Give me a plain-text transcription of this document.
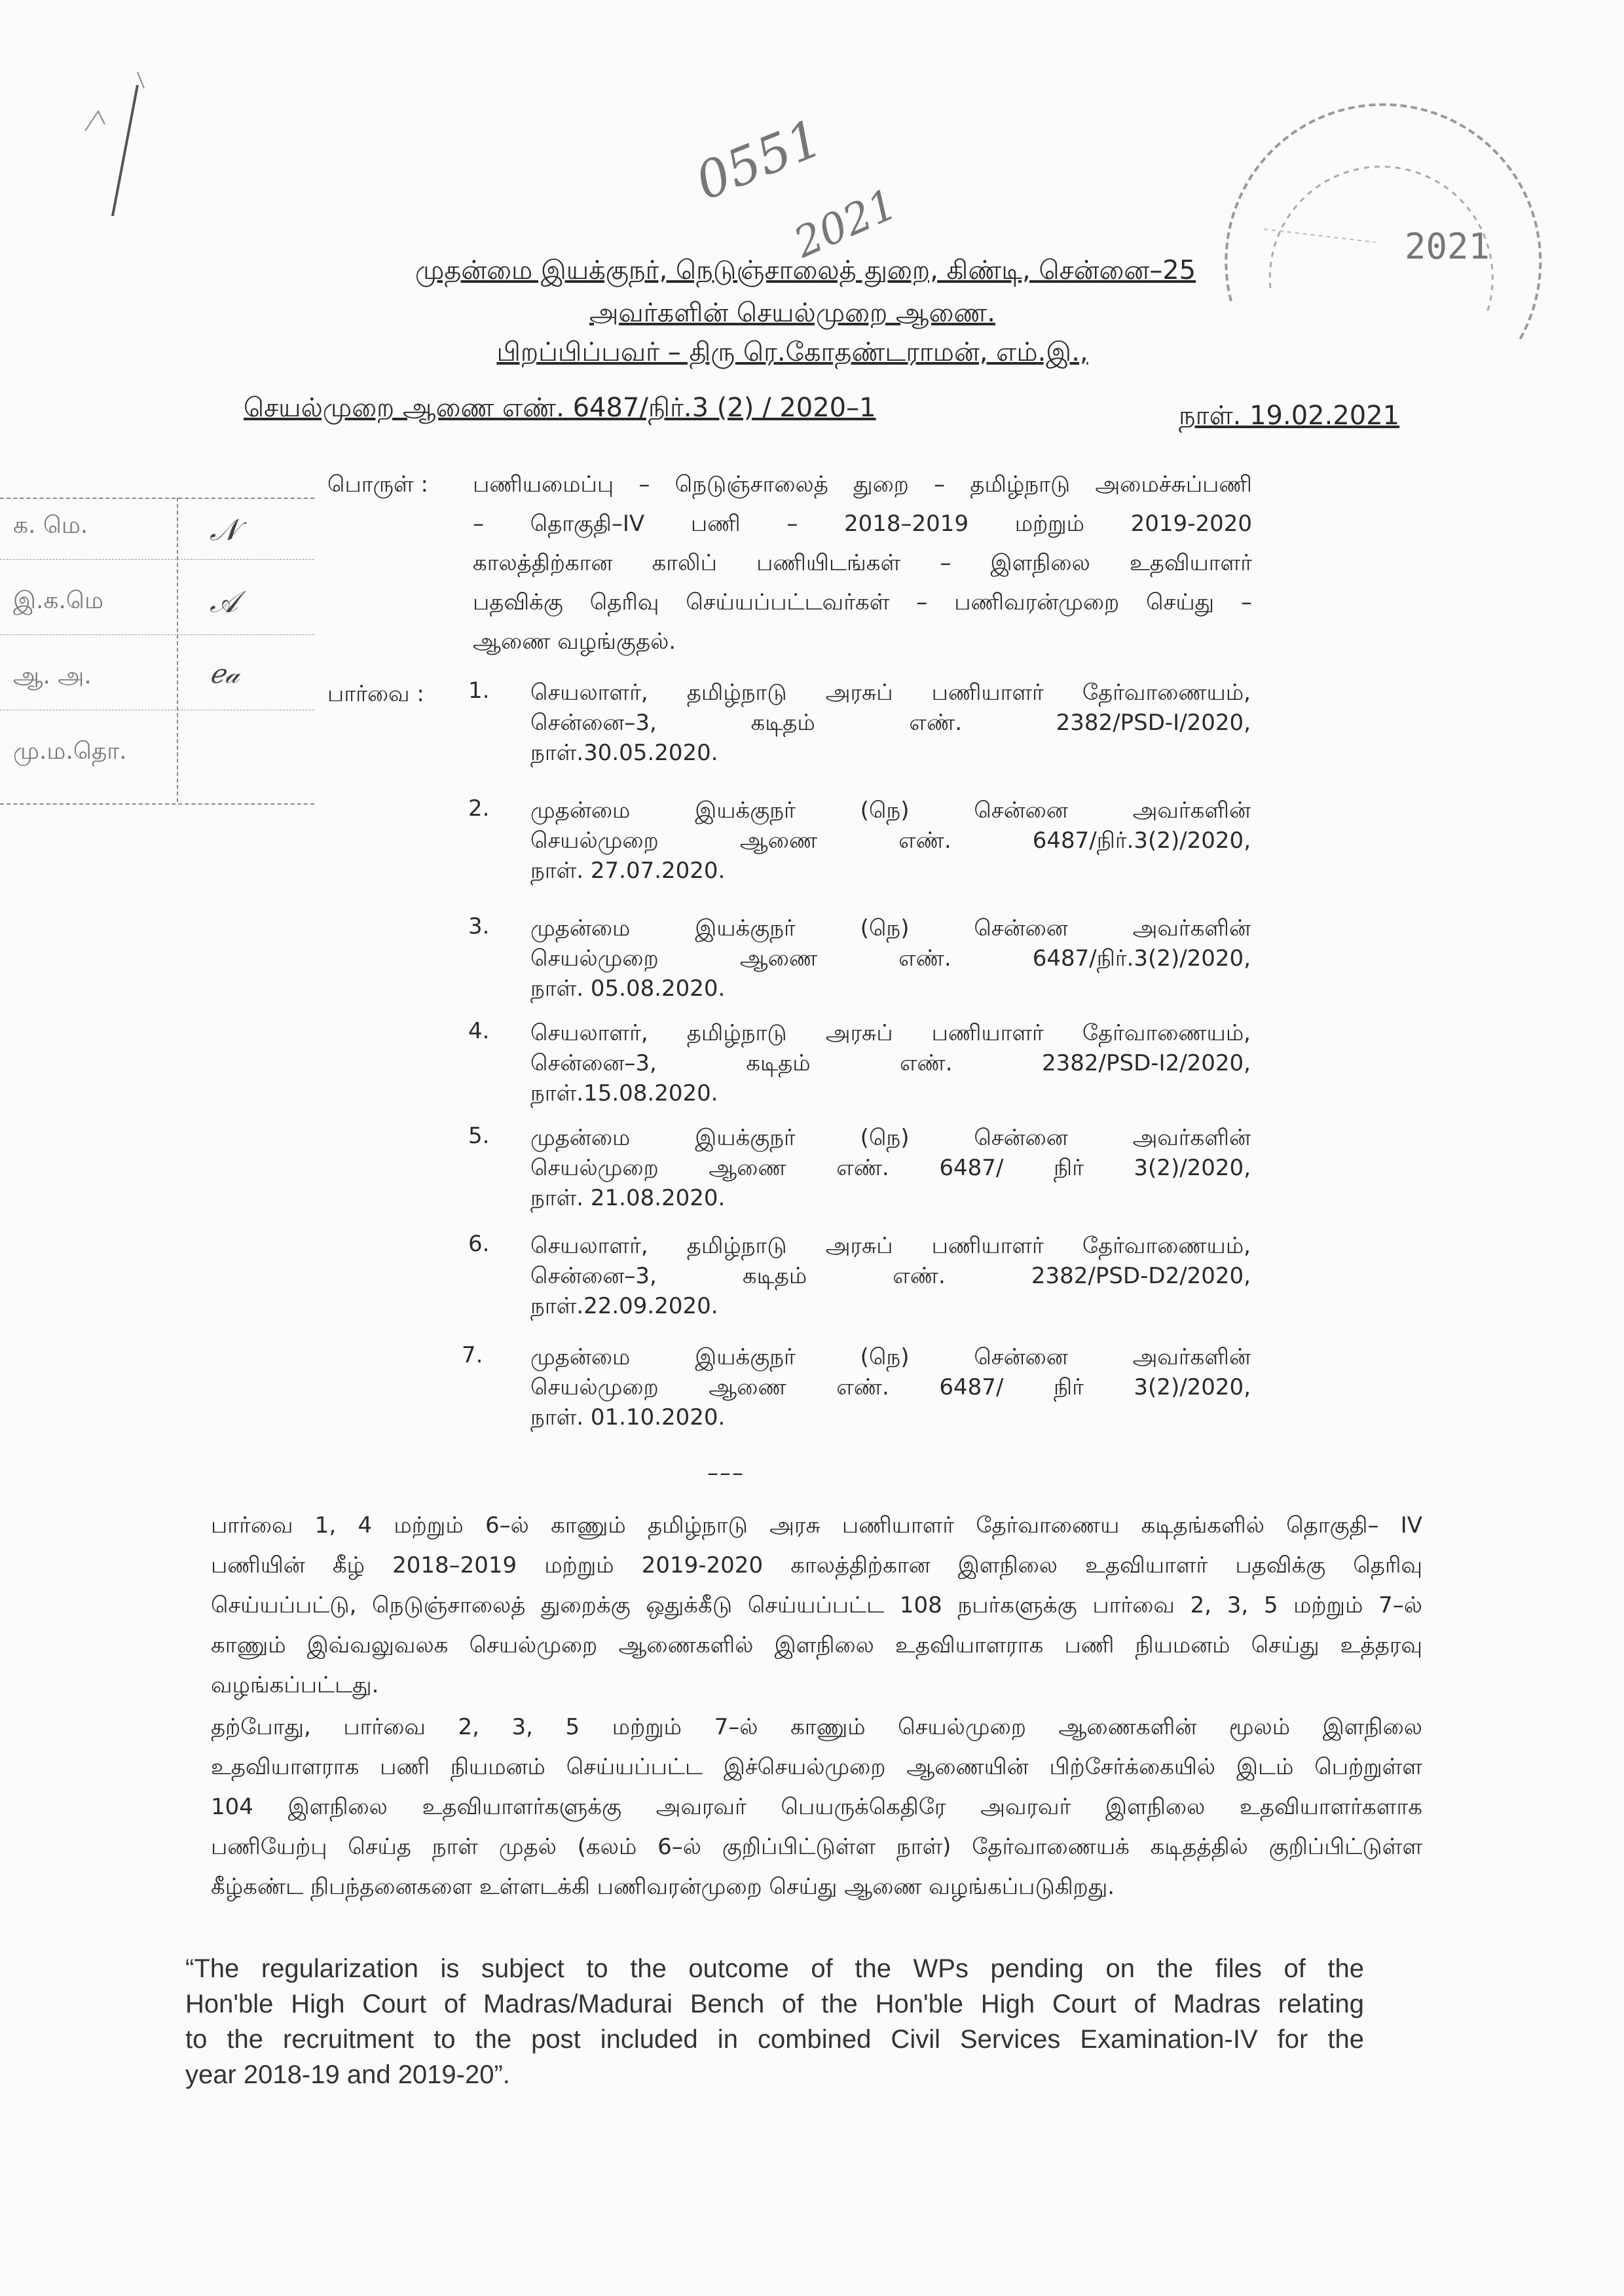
0551
2021	2021
முதன்மை இயக்குநர், நெடுஞ்சாலைத் துறை, கிண்டி, சென்னை–25
அவர்களின் செயல்முறை ஆணை.
பிறப்பிப்பவர் – திரு ரெ.கோதண்டராமன், எம்.இ.,
செயல்முறை ஆணை எண். 6487/நிர்.3 (2) / 2020–1	நாள். 19.02.2021
க. மெ.
இ.க.மெ
ஆ. அ.
மு.ம.தொ.
𝒩
𝒜
ℯ𝒶
பொருள் : பணியமைப்பு – நெடுஞ்சாலைத் துறை – தமிழ்நாடு அமைச்சுப்பணி
– தொகுதி–IV பணி – 2018–2019 மற்றும் 2019-2020
காலத்திற்கான காலிப் பணியிடங்கள் – இளநிலை உதவியாளர்
பதவிக்கு தெரிவு செய்யப்பட்டவர்கள் – பணிவரன்முறை செய்து –
ஆணை வழங்குதல்.
பார்வை : 1. செயலாளர், தமிழ்நாடு அரசுப் பணியாளர் தேர்வாணையம்,
சென்னை–3, கடிதம் எண். 2382/PSD-I/2020,
நாள்.30.05.2020.
2. முதன்மை இயக்குநர் (நெ) சென்னை அவர்களின்
செயல்முறை ஆணை எண். 6487/நிர்.3(2)/2020,
நாள். 27.07.2020.
3. முதன்மை இயக்குநர் (நெ) சென்னை அவர்களின்
செயல்முறை ஆணை எண். 6487/நிர்.3(2)/2020,
நாள். 05.08.2020.
4. செயலாளர், தமிழ்நாடு அரசுப் பணியாளர் தேர்வாணையம்,
சென்னை–3, கடிதம் எண். 2382/PSD-I2/2020,
நாள்.15.08.2020.
5. முதன்மை இயக்குநர் (நெ) சென்னை அவர்களின்
செயல்முறை ஆணை எண். 6487/ நிர் 3(2)/2020,
நாள். 21.08.2020.
6. செயலாளர், தமிழ்நாடு அரசுப் பணியாளர் தேர்வாணையம்,
சென்னை–3, கடிதம் எண். 2382/PSD-D2/2020,
நாள்.22.09.2020.
7. முதன்மை இயக்குநர் (நெ) சென்னை அவர்களின்
செயல்முறை ஆணை எண். 6487/ நிர் 3(2)/2020,
நாள். 01.10.2020.
–––
பார்வை 1, 4 மற்றும் 6–ல் காணும் தமிழ்நாடு அரசு பணியாளர் தேர்வாணைய கடிதங்களில் தொகுதி– IV
பணியின் கீழ் 2018–2019 மற்றும் 2019-2020 காலத்திற்கான இளநிலை உதவியாளர் பதவிக்கு தெரிவு
செய்யப்பட்டு, நெடுஞ்சாலைத் துறைக்கு ஒதுக்கீடு செய்யப்பட்ட 108 நபர்களுக்கு பார்வை 2, 3, 5 மற்றும் 7–ல்
காணும் இவ்வலுவலக செயல்முறை ஆணைகளில் இளநிலை உதவியாளராக பணி நியமனம் செய்து உத்தரவு
வழங்கப்பட்டது.
தற்போது, பார்வை 2, 3, 5 மற்றும் 7–ல் காணும் செயல்முறை ஆணைகளின் மூலம் இளநிலை
உதவியாளராக பணி நியமனம் செய்யப்பட்ட இச்செயல்முறை ஆணையின் பிற்சேர்க்கையில் இடம் பெற்றுள்ள
104 இளநிலை உதவியாளர்களுக்கு அவரவர் பெயருக்கெதிரே அவரவர் இளநிலை உதவியாளர்களாக
பணியேற்பு செய்த நாள் முதல் (கலம் 6–ல் குறிப்பிட்டுள்ள நாள்) தேர்வாணையக் கடிதத்தில் குறிப்பிட்டுள்ள
கீழ்கண்ட நிபந்தனைகளை உள்ளடக்கி பணிவரன்முறை செய்து ஆணை வழங்கப்படுகிறது.
“The regularization is subject to the outcome of the WPs pending on the files of the
Hon'ble High Court of Madras/Madurai Bench of the Hon'ble High Court of Madras relating
to the recruitment to the post included in combined Civil Services Examination-IV for the
year 2018-19 and 2019-20”.
